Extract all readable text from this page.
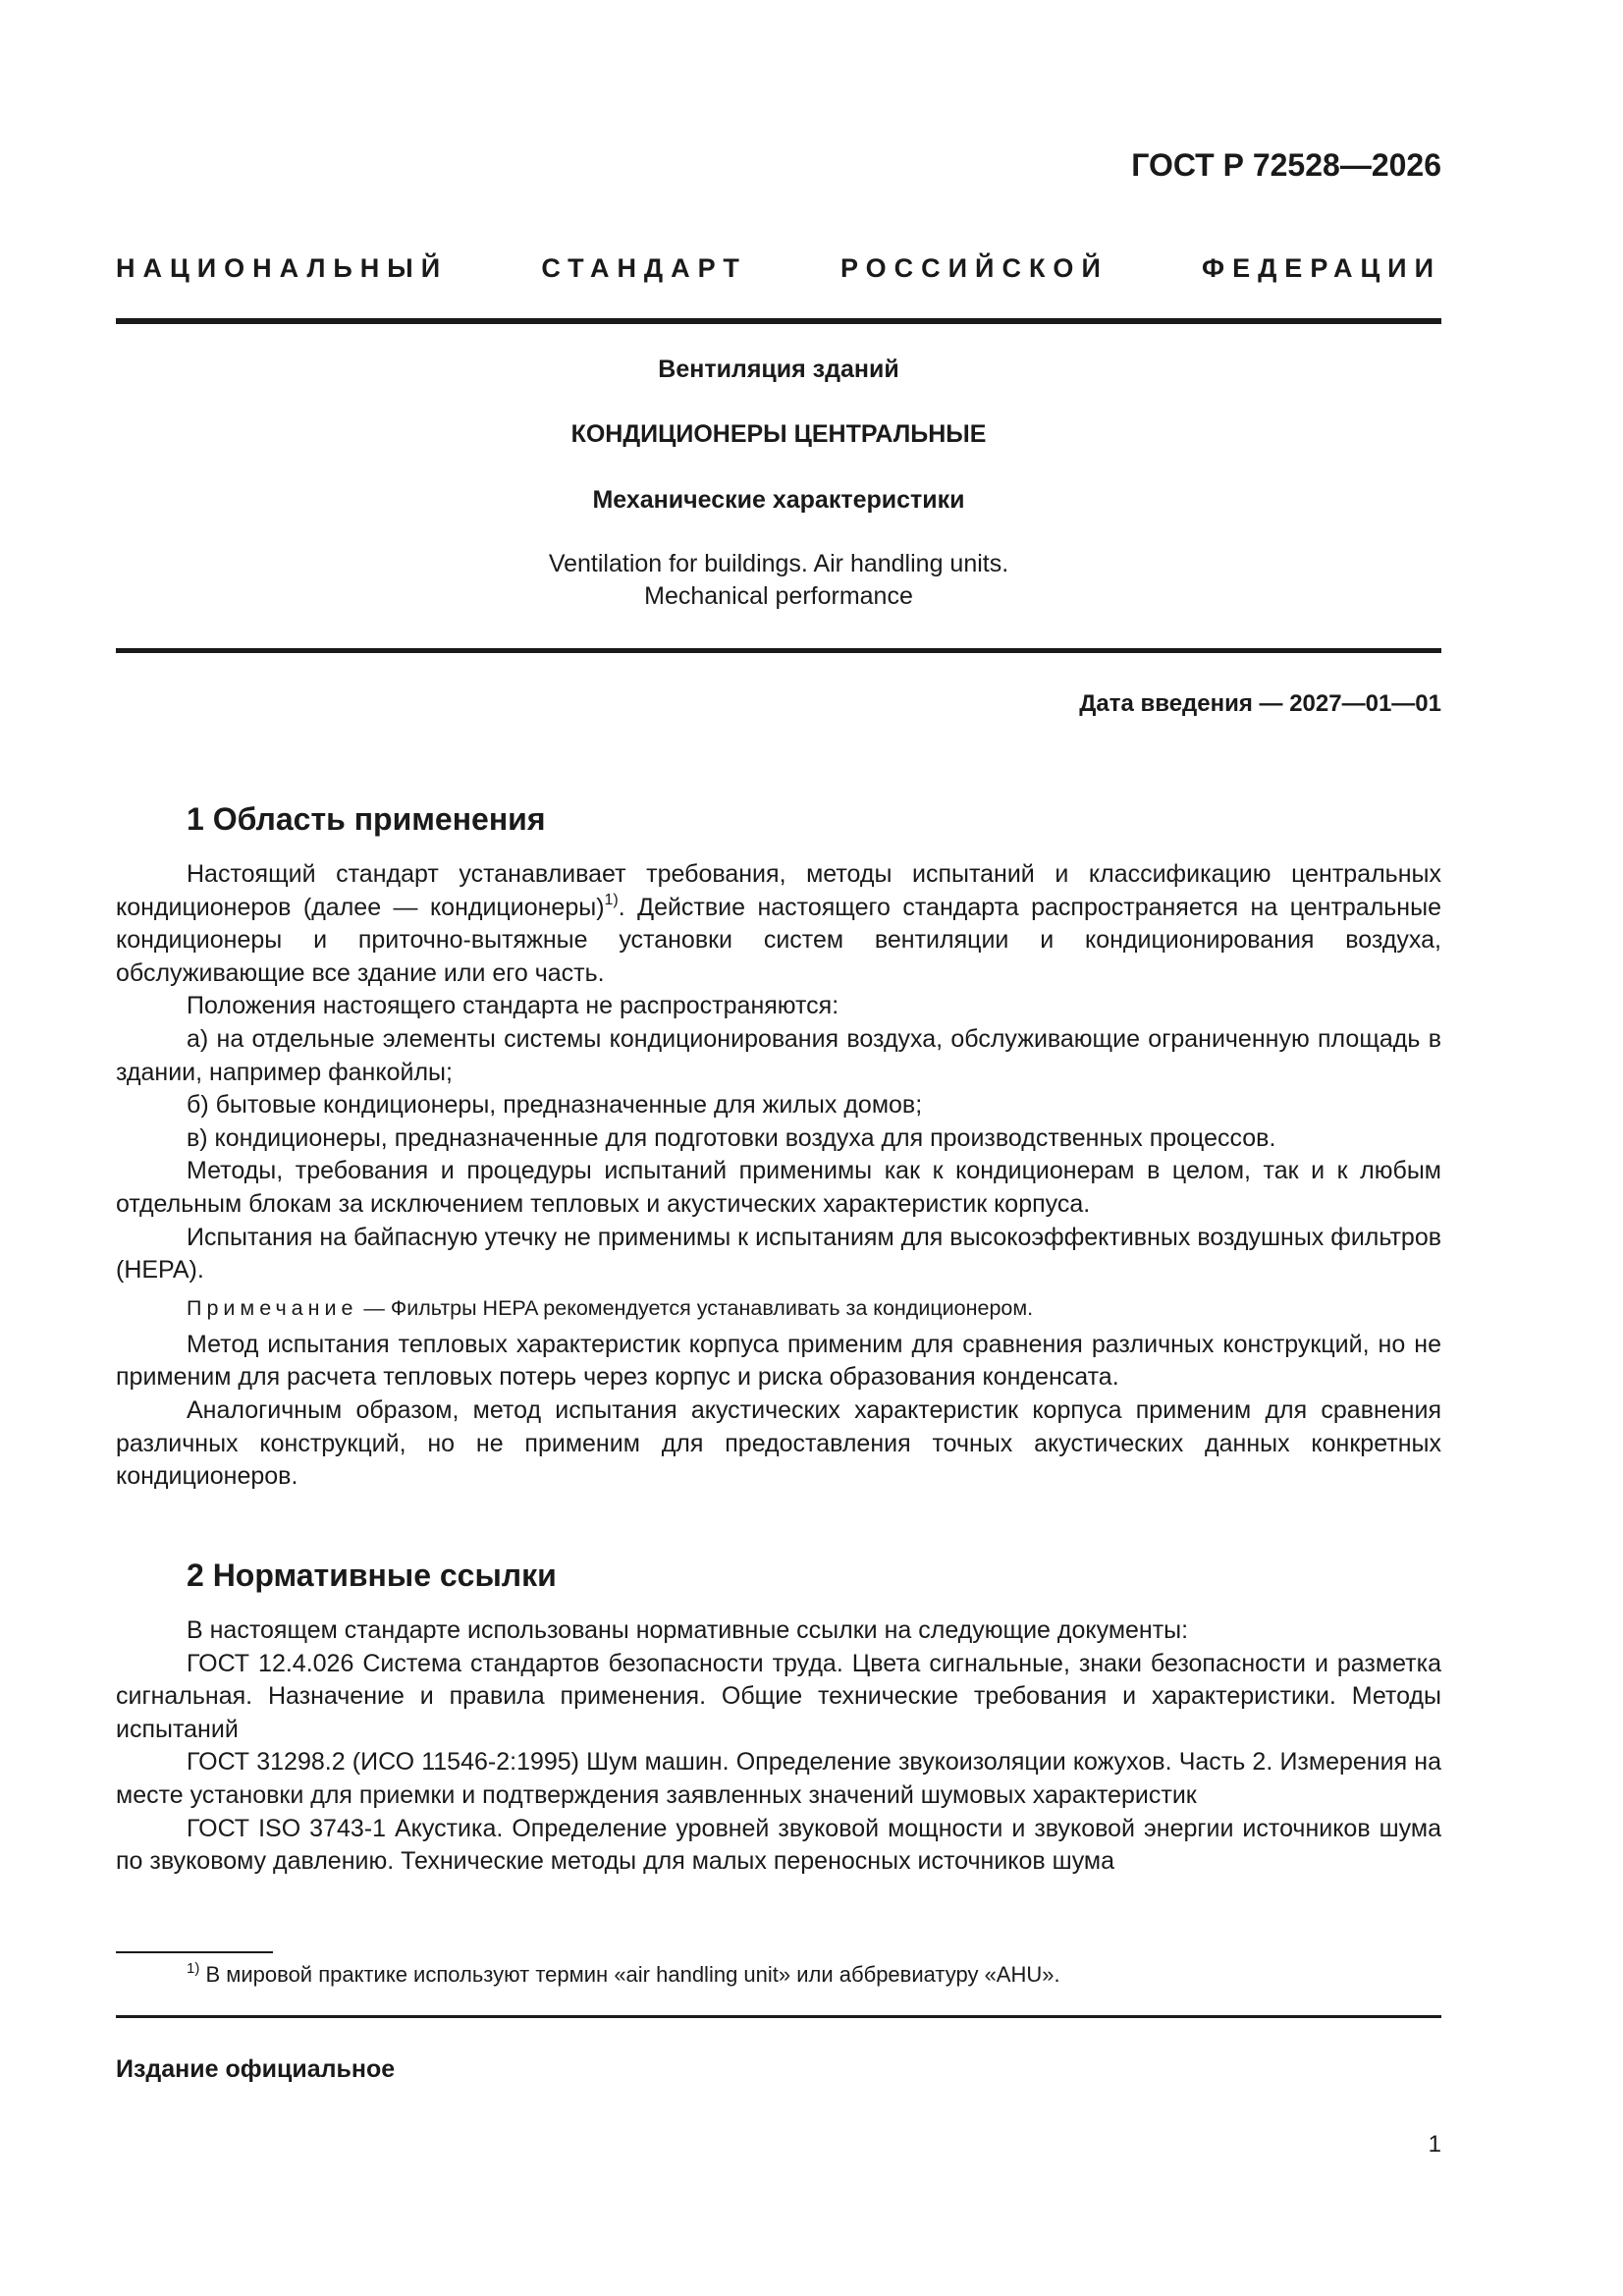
ГОСТ Р 72528—2026
НАЦИОНАЛЬНЫЙ СТАНДАРТ РОССИЙСКОЙ ФЕДЕРАЦИИ
Вентиляция зданий
КОНДИЦИОНЕРЫ ЦЕНТРАЛЬНЫЕ
Механические характеристики
Ventilation for buildings. Air handling units.
Mechanical performance
Дата введения — 2027—01—01
1 Область применения

Настоящий стандарт устанавливает требования, методы испытаний и классификацию центральных кондиционеров (далее — кондиционеры)$^{1)}$. Действие настоящего стандарта распространяется на центральные кондиционеры и приточно-вытяжные установки систем вентиляции и кондиционирования воздуха, обслуживающие все здание или его часть.

Положения настоящего стандарта не распространяются:

а) на отдельные элементы системы кондиционирования воздуха, обслуживающие ограниченную площадь в здании, например фанкойлы;

б) бытовые кондиционеры, предназначенные для жилых домов;

в) кондиционеры, предназначенные для подготовки воздуха для производственных процессов.

Методы, требования и процедуры испытаний применимы как к кондиционерам в целом, так и к любым отдельным блокам за исключением тепловых и акустических характеристик корпуса.

Испытания на байпасную утечку не применимы к испытаниям для высокоэффективных воздушных фильтров (HEPA).

Примечание — Фильтры HEPA рекомендуется устанавливать за кондиционером.

Метод испытания тепловых характеристик корпуса применим для сравнения различных конструкций, но не применим для расчета тепловых потерь через корпус и риска образования конденсата.

Аналогичным образом, метод испытания акустических характеристик корпуса применим для сравнения различных конструкций, но не применим для предоставления точных акустических данных конкретных кондиционеров.

2 Нормативные ссылки

В настоящем стандарте использованы нормативные ссылки на следующие документы:

ГОСТ 12.4.026 Система стандартов безопасности труда. Цвета сигнальные, знаки безопасности и разметка сигнальная. Назначение и правила применения. Общие технические требования и характеристики. Методы испытаний

ГОСТ 31298.2 (ИСО 11546-2:1995) Шум машин. Определение звукоизоляции кожухов. Часть 2. Измерения на месте установки для приемки и подтверждения заявленных значений шумовых характеристик

ГОСТ ISO 3743-1 Акустика. Определение уровней звуковой мощности и звуковой энергии источников шума по звуковому давлению. Технические методы для малых переносных источников шума

$^{1)}$ В мировой практике используют термин «air handling unit» или аббревиатуру «AHU».
Издание официальное
1
